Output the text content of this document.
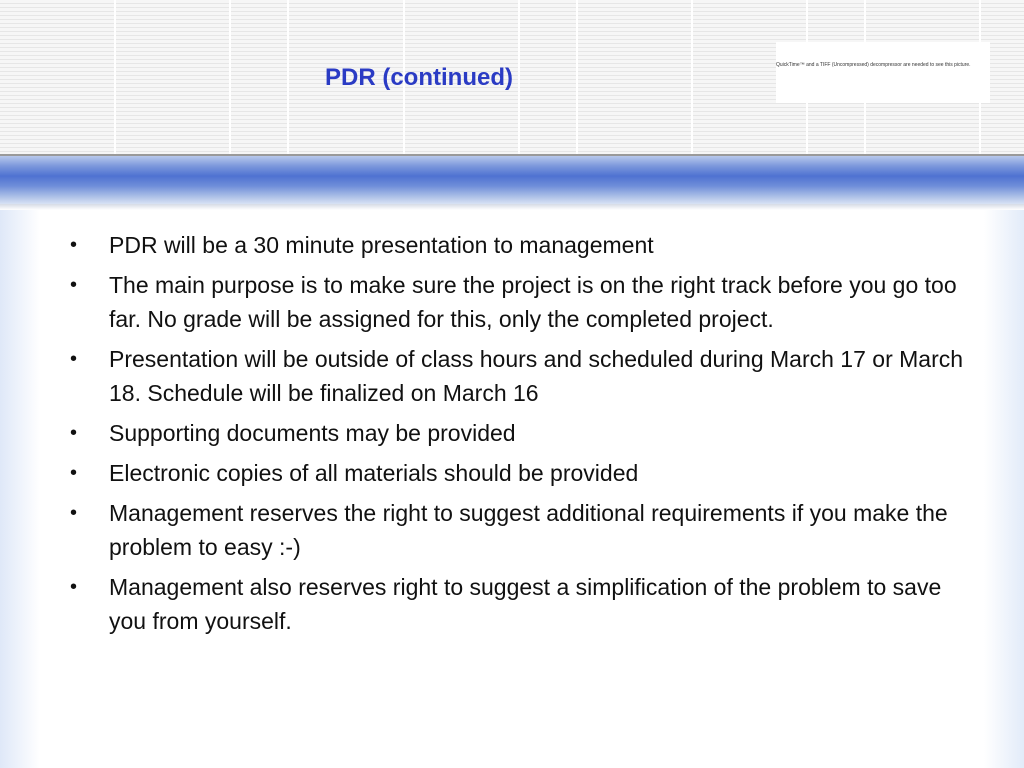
PDR (continued)	QuickTime™ and a TIFF (Uncompressed) decompressor are needed to see this picture.
• PDR will be a 30 minute presentation to management
• The main purpose is to make sure the project is on the right track before you go too far. No grade will be assigned for this, only the completed project.
• Presentation will be outside of class hours and scheduled during March 17 or March 18. Schedule will be finalized on March 16
• Supporting documents may be provided
• Electronic copies of all materials should be provided
• Management reserves the right to suggest additional requirements if you make the problem to easy :-)
• Management also reserves right to suggest a simplification of the problem to save you from yourself.
